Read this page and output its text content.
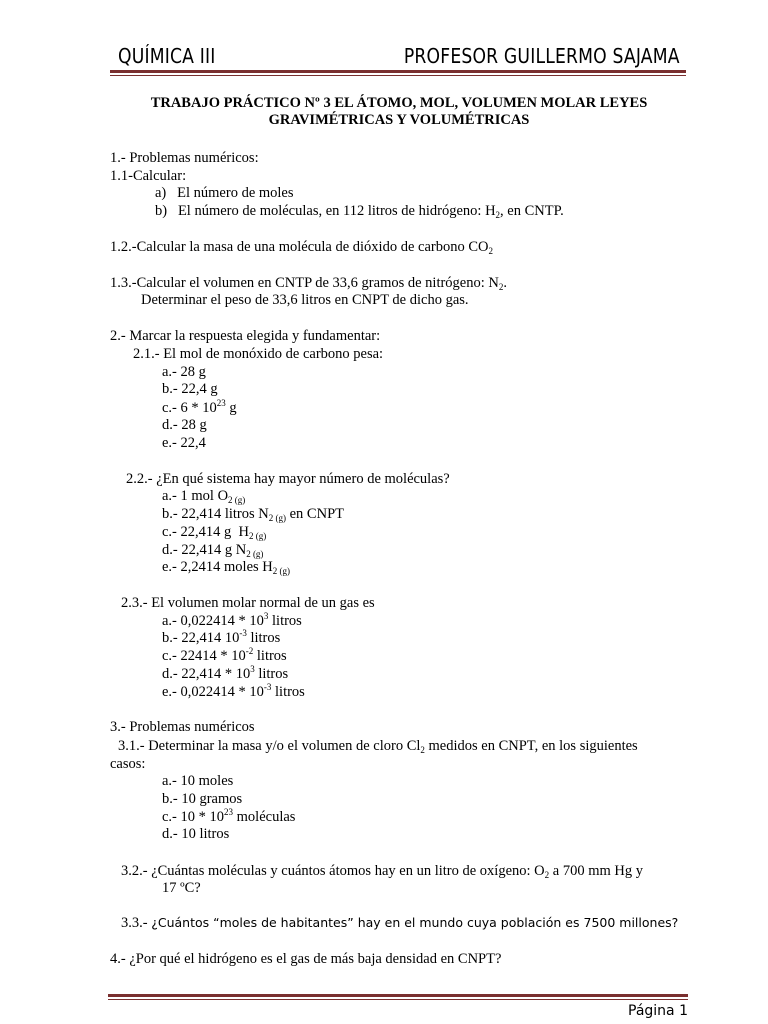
QUÍMICA III	PROFESOR GUILLERMO SAJAMA
TRABAJO PRÁCTICO Nº 3 EL ÁTOMO, MOL, VOLUMEN MOLAR LEYES GRAVIMÉTRICAS Y VOLUMÉTRICAS
1.- Problemas numéricos:
1.1-Calcular:
a)   El número de moles
b)   El número de moléculas, en 112 litros de hidrógeno: $H_2$, en CNTP.
1.2.-Calcular la masa de una molécula de dióxido de carbono $CO_2$
1.3.-Calcular el volumen en CNTP de 33,6 gramos de nitrógeno: $N_2$.
Determinar el peso de 33,6 litros en CNPT de dicho gas.
2.- Marcar la respuesta elegida y fundamentar:
2.1.- El mol de monóxido de carbono pesa:
a.- 28 g
b.- 22,4 g
c.- $6 * 10^{23}$ g
d.- 28 g
e.- 22,4
2.2.- ¿En qué sistema hay mayor número de moléculas?
a.- 1 mol $O_{2 (g)}$
b.- 22,414 litros $N_{2 (g)}$ en CNPT
c.- 22,414 g  $H_{2 (g)}$
d.- 22,414 g $N_{2 (g)}$
e.- 2,2414 moles $H_{2 (g)}$
2.3.- El volumen molar normal de un gas es
a.- $0,022414 * 10^3$ litros
b.- 22,414 $10^{-3}$ litros
c.- $22414 * 10^{-2}$ litros
d.- $22,414 * 10^3$ litros
e.- $0,022414 * 10^{-3}$ litros
3.- Problemas numéricos
3.1.- Determinar la masa y/o el volumen de cloro $Cl_2$ medidos en CNPT, en los siguientes
casos:
a.- 10 moles
b.- 10 gramos
c.- $10 * 10^{23}$ moléculas
d.- 10 litros
3.2.- ¿Cuántas moléculas y cuántos átomos hay en un litro de oxígeno: $O_2$ a 700 mm Hg y
17 ºC?
3.3.- ¿Cuántos “moles de habitantes” hay en el mundo cuya población es 7500 millones?
4.- ¿Por qué el hidrógeno es el gas de más baja densidad en CNPT?
Página 1
